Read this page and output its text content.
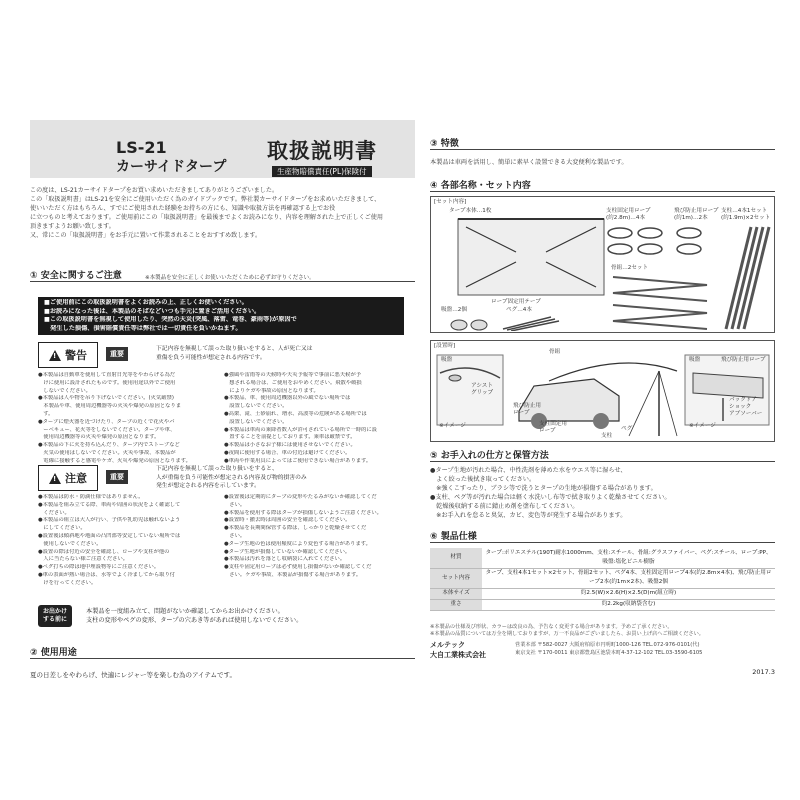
LS-21
カーサイドタープ
取扱説明書
生産物賠償責任(PL)保険付
この度は、LS-21カーサイドタープをお買い求めいただきましてありがとうございました。
この「取扱説明書」はLS-21を安全にご使用いただく為のガイドブックです。弊社製カーサイドタープをお求めいただきまして、
使いいただく方はもちろん、すでにご使用された経験をお持ちの方にも、知識や取扱方法を再確認する上でお役
に立つものと考えております。ご使用前にこの「取扱説明書」を最後までよくお読みになり、内容を理解された上で正しくご使用
頂きますようお願い致します。
又、常にこの「取扱説明書」をお手元に置いて作業されることをおすすめ致します。
① 安全に関するご注意	※本製品を安全に正しくお使いいただくために必ずお守りください。
■ご使用前にこの取扱説明書をよくお読みの上、正しくお使いください。
■お読みになった後は、本製品のそばなどいつも手元に置きご活用ください。
■この取扱説明書を無視して使用したり、突然の天災(突風、落雷、竜巻、豪雨等)が原因で
　発生した損傷、損害賠償責任等は弊社では一切責任を負いかねます。
!
警告	重要
下記内容を無視して誤った取り扱いをすると、人が死亡又は
重傷を負う可能性が想定される内容です。
●本製品は自動車を使用して直射日光等をやわらげる為だ
　けに使用に設計されたものです。使用用途以外でご使用
　しないでください。
●本製品は人や物を吊り下げないでください。(火気厳禁)
　本製品や車、使用周辺機器等の火災や爆発の原因となりま
　す。
●タープに煙火器を近づけたり、タープの近くで花火やバ
　ーベキュー、花火等をしないでください。タープや車、
　使用周辺機器等の火災や爆発の原因となります。
●本製品の下に火を持ち込んだり、タープ内でストーブなど
　火気の使用はしないでください。火災や事故、本製品が
　電線に接触すると感電やケガ、火災や爆発の原因となります。
●強風や雷雨等の天候時や天災予報等で事前に悪天候が予
　想される場合は、ご使用をおやめください。飛散や破損
　によりケガや事故の原因となります。
●本製品、車、使用周辺機器以外の風でない場所では
　設置しないでください。
●高架、滝、土砂崩れ、増水、高波等の危険がある場所では
　設置しないでください。
●本製品は車両の乗降者数人が許可されている場所で一時的に設
　置することを前提としております。乗車は厳禁です。
●本製品は小さなお子様には使用させないでください。
●夜間に使用する場合、車の付近は避けてください。
●車両や作業用具によってはご使用できない場合があります。
!
注意	重要
下記内容を無視して誤った取り扱いをすると、
人が重傷を負う可能性が想定される内容及び物的損害のみ
発生が想定される内容を示しています。
●本製品は防水・防滴仕様ではありません。
●本製品を組み立てる際、車両や周囲の状況をよく確認して
　ください。
●本製品の組立は大人が行い、子供や乳幼児は触れないよう
　にしてください。
●設置後は傾斜地や地面の凸凹部等安定していない場所では
　使用しないでください。
●設置の際は付近の安全を確認し、ロープや支柱が他の
　人に当たらない様ご注意ください。
●ペグ打ちの際は地中埋設物等にご注意ください。
●車の表面が熱い場合は、水等でよく冷ましてから取り付
　けを行ってください。
●設置後は定期的にタープの変形やたるみがないか確認してくだ
　さい。
●本製品を使用する際はタープが損傷しないようご注意ください。
●設置時・撤去時は周囲の安全を確認してください。
●本製品を長期間保管する際は、しっかりと乾燥させてくだ
　さい。
●タープ生地の色は使用頻度により変色する場合があります。
●タープ生地が損傷していないか確認してください。
●本製品は汚れを落とし収納袋に入れてください。
●支柱や固定用ロープは必ず使用し損傷がないか確認してくだ
　さい。ケガや事故、本製品が損傷する場合があります。
お出かけ
する前に
本製品を一度組み立て、問題がないか確認してからお出かけください。
支柱の変形やペグの変形、タープの穴あき等があれば使用しないでください。
② 使用用途
夏の日差しをやわらげ、快適にレジャー等を楽しむ為のアイテムです。
③ 特徴
本製品は車両を活用し、簡単に素早く設置できる大変便利な製品です。
④ 各部名称・セット内容
[セット内容]
タープ本体…1枚
ロープ固定用テープ
支柱固定用ロープ
(約2.8m)…4本
飛び防止用ロープ
(約1m)…2本
支柱…4本1セット
(約1.9m)×2セット
骨組…2セット
吸盤…2個	ペグ…4本
[設置時]
吸盤
アシスト
グリップ
※イメージ
骨組
飛び防止用
ロープ
支柱固定用
ロープ	ペグ
支柱
吸盤	飛び防止用ロープ
バックドア
ショック
アブソーバー
※イメージ
⑤ お手入れの仕方と保管方法
●タープ生地が汚れた場合、中性洗剤を薄めた水をウエス等に湿らせ、
　よく絞った後拭き取ってください。
　※強くこすったり、ブラシ等で洗うとタープの生地が損傷する場合があります。
●支柱、ペグ等が汚れた場合は軽く水洗いし布等で拭き取りよく乾燥させてください。
　乾燥後収納する前に錆止め剤を塗布してください。
　※お手入れを怠ると臭気、カビ、変色等が発生する場合があります。
⑥ 製品仕様
材質	タープ:ポリエステル(190T)耐水1000mm、支柱:スチール、骨組:グラスファイバー、ペグ:スチール、ロープ:PP、吸盤:塩化ビニル樹脂
セット内容	タープ、支柱4本1セット×2セット、骨組2セット、ペグ4本、支柱固定用ロープ4本(約2.8m×4本)、飛び防止用ロープ2本(約1m×2本)、吸盤2個
本体サイズ	約2.5(W)×2.6(H)×2.5(D)m(組立時)
重さ	約2.2kg(収納袋含む)
※本製品の仕様及び形状、カラーは改良の為、予告なく変更する場合があります。予めご了承ください。
※本製品の品質については万全を期しておりますが、万一不良品がございましたら、お買い上げ店へご相談ください。
メルテック
大自工業株式会社
営業本部 〒582-0027 大阪府柏原市円明町1000-126 TEL.072-976-0101(代)
東京支社 〒170-0011 東京都豊島区池袋本町4-37-12-102 TEL.03-3590-6105
2017.3
